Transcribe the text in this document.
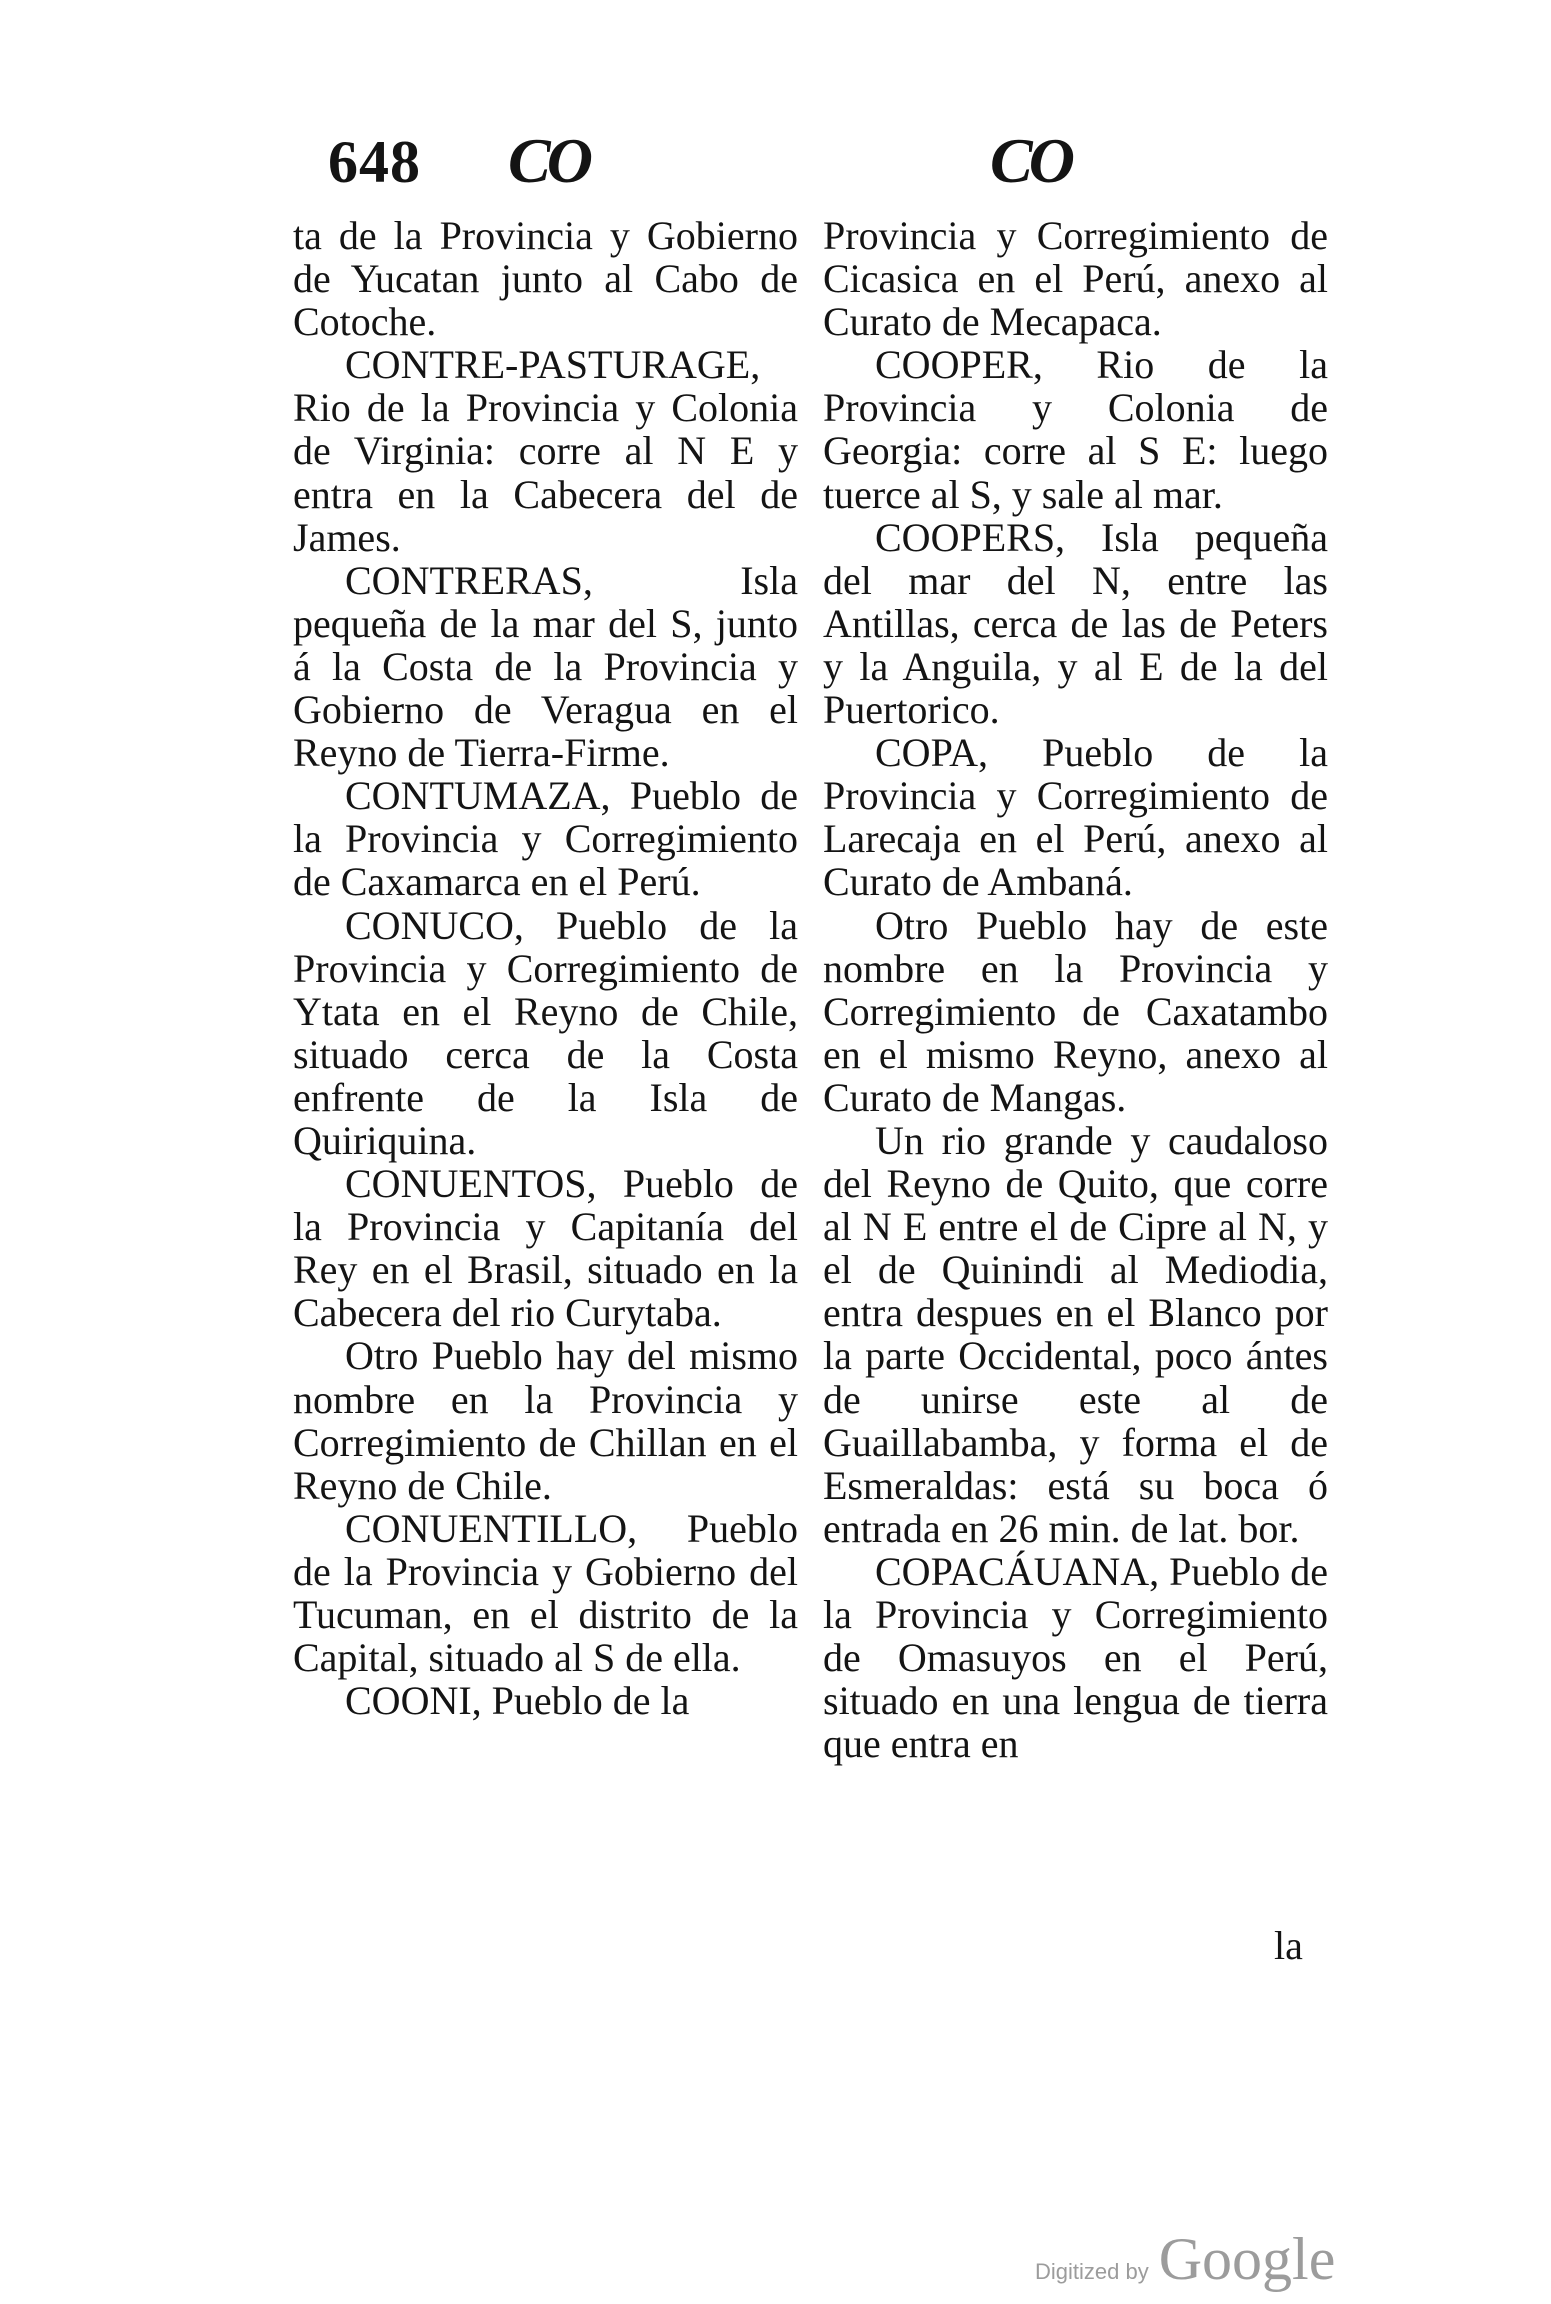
648 CO	CO

ta de la Provincia y Gobierno de Yucatan junto al Cabo de Cotoche.

CONTRE-PASTURAGE, Rio de la Provincia y Colonia de Virginia: corre al N E y entra en la Cabecera del de James.

CONTRERAS, Isla pequeña de la mar del S, junto á la Costa de la Provincia y Gobierno de Veragua en el Reyno de Tierra-Firme.

CONTUMAZA, Pueblo de la Provincia y Corregimiento de Caxamarca en el Perú.

CONUCO, Pueblo de la Provincia y Corregimiento de Ytata en el Reyno de Chile, situado cerca de la Costa enfrente de la Isla de Quiriquina.

CONUENTOS, Pueblo de la Provincia y Capitanía del Rey en el Brasil, situado en la Cabecera del rio Curytaba.

Otro Pueblo hay del mismo nombre en la Provincia y Corregimiento de Chillan en el Reyno de Chile.

CONUENTILLO, Pueblo de la Provincia y Gobierno del Tucuman, en el distrito de la Capital, situado al S de ella.

COONI, Pueblo de la

Provincia y Corregimiento de Cicasica en el Perú, anexo al Curato de Mecapaca.

COOPER, Rio de la Provincia y Colonia de Georgia: corre al S E: luego tuerce al S, y sale al mar.

COOPERS, Isla pequeña del mar del N, entre las Antillas, cerca de las de Peters y la Anguila, y al E de la del Puertorico.

COPA, Pueblo de la Provincia y Corregimiento de Larecaja en el Perú, anexo al Curato de Ambaná.

Otro Pueblo hay de este nombre en la Provincia y Corregimiento de Caxatambo en el mismo Reyno, anexo al Curato de Mangas.

Un rio grande y caudaloso del Reyno de Quito, que corre al N E entre el de Cipre al N, y el de Quinindi al Mediodia, entra despues en el Blanco por la parte Occidental, poco ántes de unirse este al de Guaillabamba, y forma el de Esmeraldas: está su boca ó entrada en 26 min. de lat. bor.

COPACÁUANA, Pueblo de la Provincia y Corregimiento de Omasuyos en el Perú, situado en una lengua de tierra que entra en

la
Digitized by Google
